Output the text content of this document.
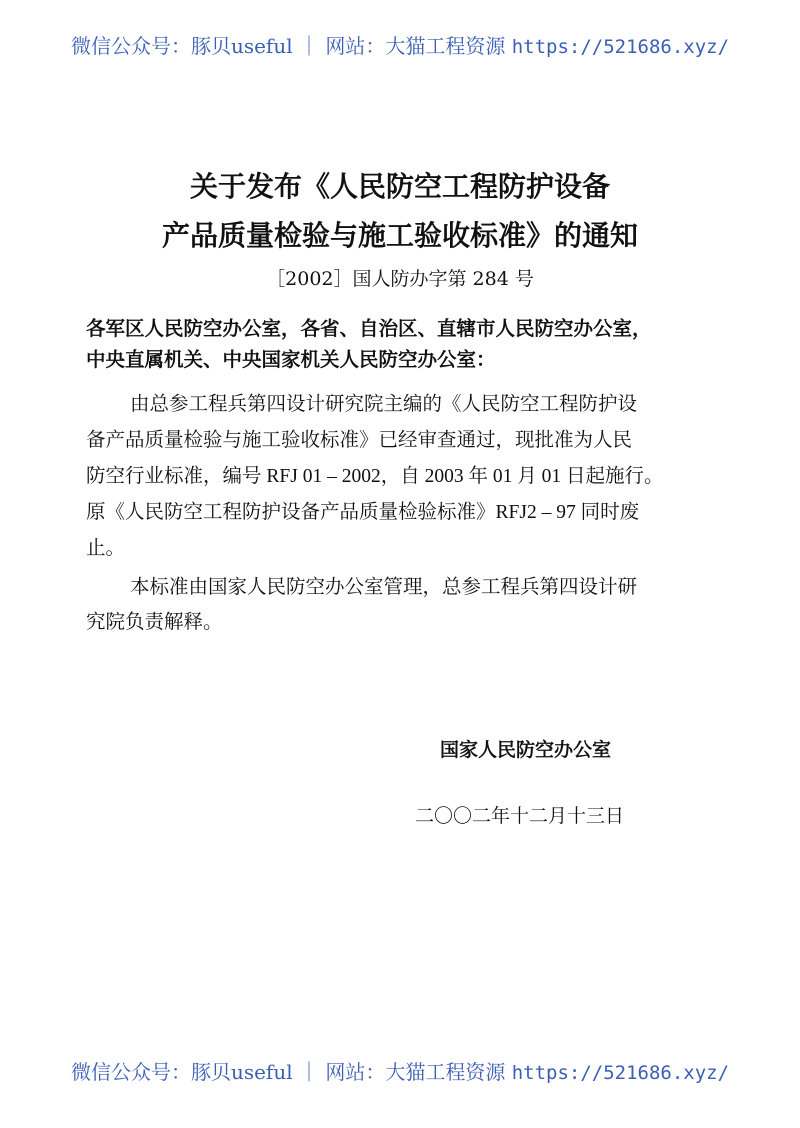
微信公众号：豚贝useful ｜ 网站：大猫工程资源 https://521686.xyz/
关于发布《人民防空工程防护设备
产品质量检验与施工验收标准》的通知
［2002］国人防办字第 284 号
各军区人民防空办公室，各省、自治区、直辖市人民防空办公室，
中央直属机关、中央国家机关人民防空办公室：
由总参工程兵第四设计研究院主编的《人民防空工程防护设
备产品质量检验与施工验收标准》已经审查通过，现批准为人民
防空行业标准，编号 RFJ 01 – 2002，自 2003 年 01 月 01 日起施行。
原《人民防空工程防护设备产品质量检验标准》RFJ2 – 97 同时废
止。
本标准由国家人民防空办公室管理，总参工程兵第四设计研
究院负责解释。
国家人民防空办公室
二〇〇二年十二月十三日
微信公众号：豚贝useful ｜ 网站：大猫工程资源 https://521686.xyz/
